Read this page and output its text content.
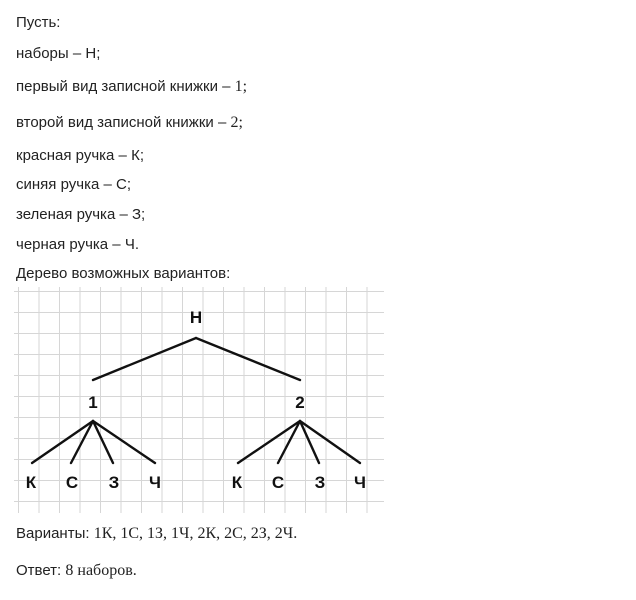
Пусть:
наборы – Н;
первый вид записной книжки – 1;
второй вид записной книжки – 2;
красная ручка – К;
синяя ручка – С;
зеленая ручка – З;
черная ручка – Ч.
Дерево возможных вариантов:
Н
1	2
К С З Ч	К С З Ч
Варианты: 1К, 1С, 1З, 1Ч, 2К, 2С, 2З, 2Ч.
Ответ: 8 наборов.
